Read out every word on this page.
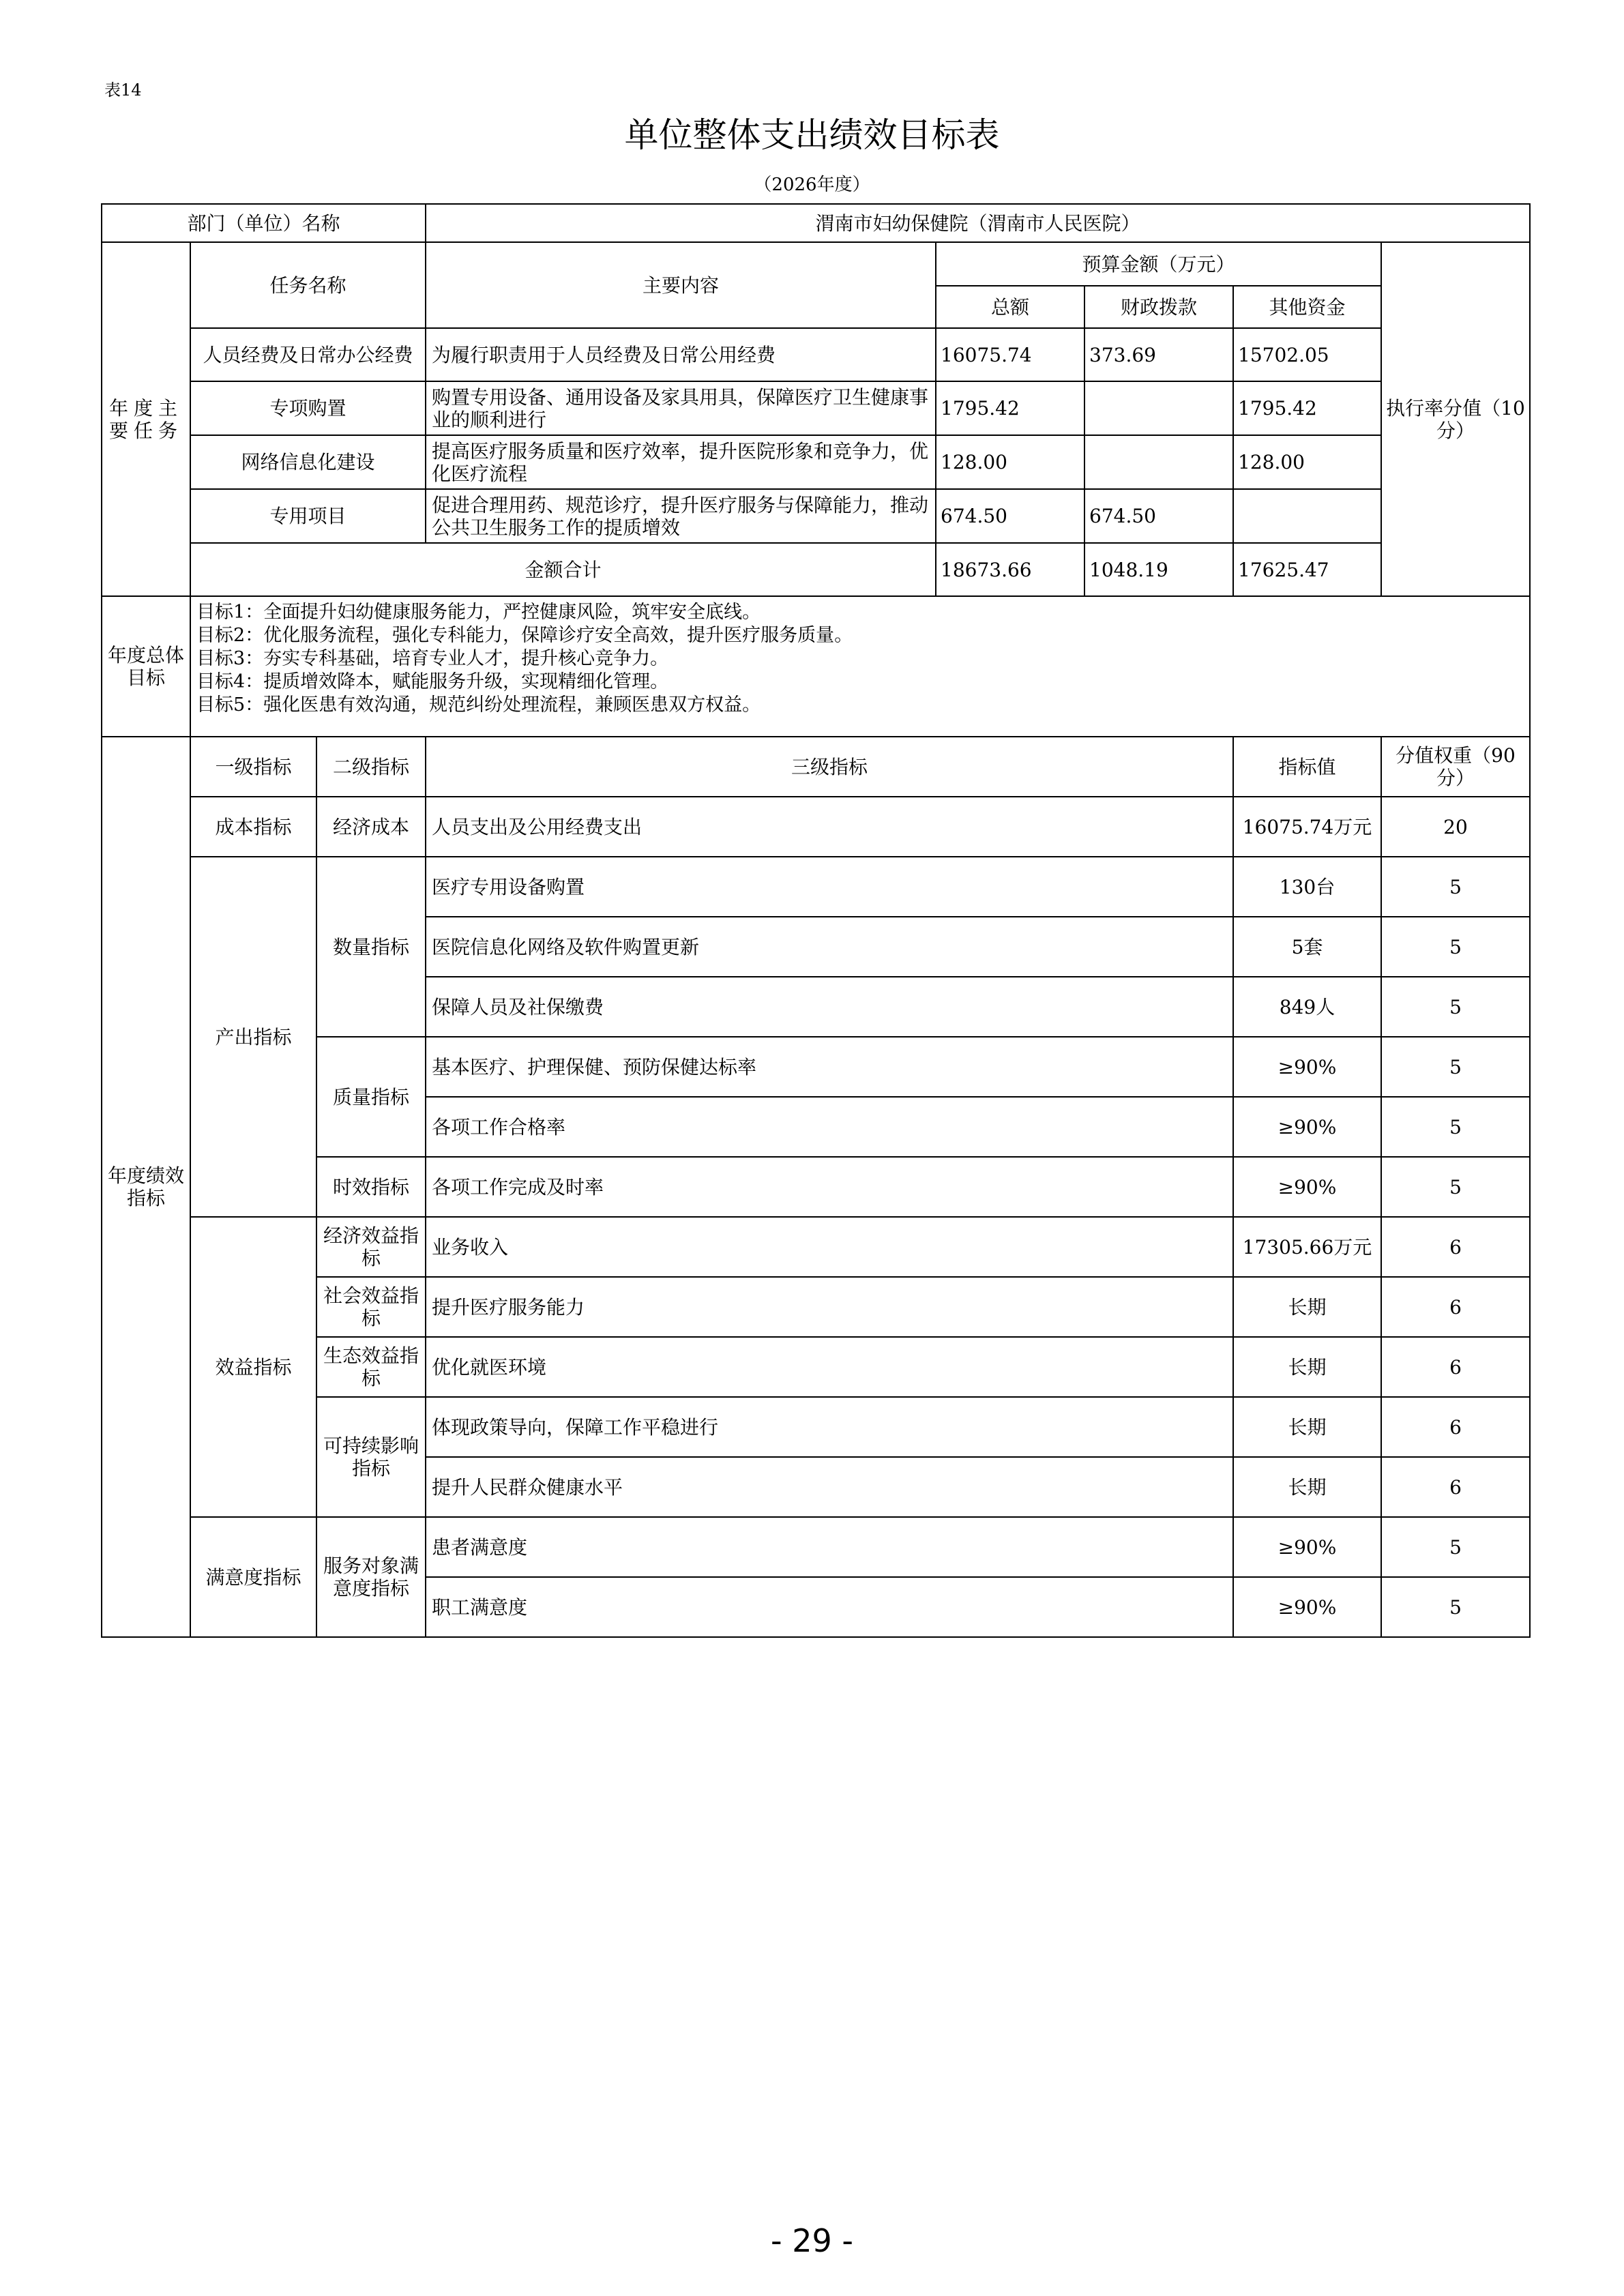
表14
单位整体支出绩效目标表
（2026年度）
部门（单位）名称			渭南市妇幼保健院（渭南市人民医院）				
年度主要任务	任务名称		主要内容	预算金额（万元）			执行率分值（10分）
				总额	财政拨款	其他资金	
	人员经费及日常办公经费		为履行职责用于人员经费及日常公用经费	16075.74	373.69	15702.05	
	专项购置		购置专用设备、通用设备及家具用具，保障医疗卫生健康事业的顺利进行	1795.42		1795.42	
	网络信息化建设		提高医疗服务质量和医疗效率，提升医院形象和竞争力，优化医疗流程	128.00		128.00	
	专用项目		促进合理用药、规范诊疗，提升医疗服务与保障能力，推动公共卫生服务工作的提质增效	674.50	674.50		
	金额合计			18673.66	1048.19	17625.47	

年度总体目标	目标1：全面提升妇幼健康服务能力，严控健康风险，筑牢安全底线。
目标2：优化服务流程，强化专科能力，保障诊疗安全高效，提升医疗服务质量。
目标3：夯实专科基础，培育专业人才，提升核心竞争力。
目标4：提质增效降本，赋能服务升级，实现精细化管理。
目标5：强化医患有效沟通，规范纠纷处理流程，兼顾医患双方权益。						

年度绩效指标	一级指标	二级指标	三级指标			指标值	分值权重（90分）
	成本指标	经济成本	人员支出及公用经费支出			16075.74万元	20
	产出指标	数量指标	医疗专用设备购置			130台	5
			医院信息化网络及软件购置更新			5套	5
			保障人员及社保缴费			849人	5
		质量指标	基本医疗、护理保健、预防保健达标率			≥90%	5
			各项工作合格率			≥90%	5
		时效指标	各项工作完成及时率			≥90%	5
	效益指标	经济效益指标	业务收入			17305.66万元	6
		社会效益指标	提升医疗服务能力			长期	6
		生态效益指标	优化就医环境			长期	6
		可持续影响指标	体现政策导向，保障工作平稳进行			长期	6
			提升人民群众健康水平			长期	6
	满意度指标	服务对象满意度指标	患者满意度			≥90%	5
			职工满意度			≥90%	5
- 29 -
